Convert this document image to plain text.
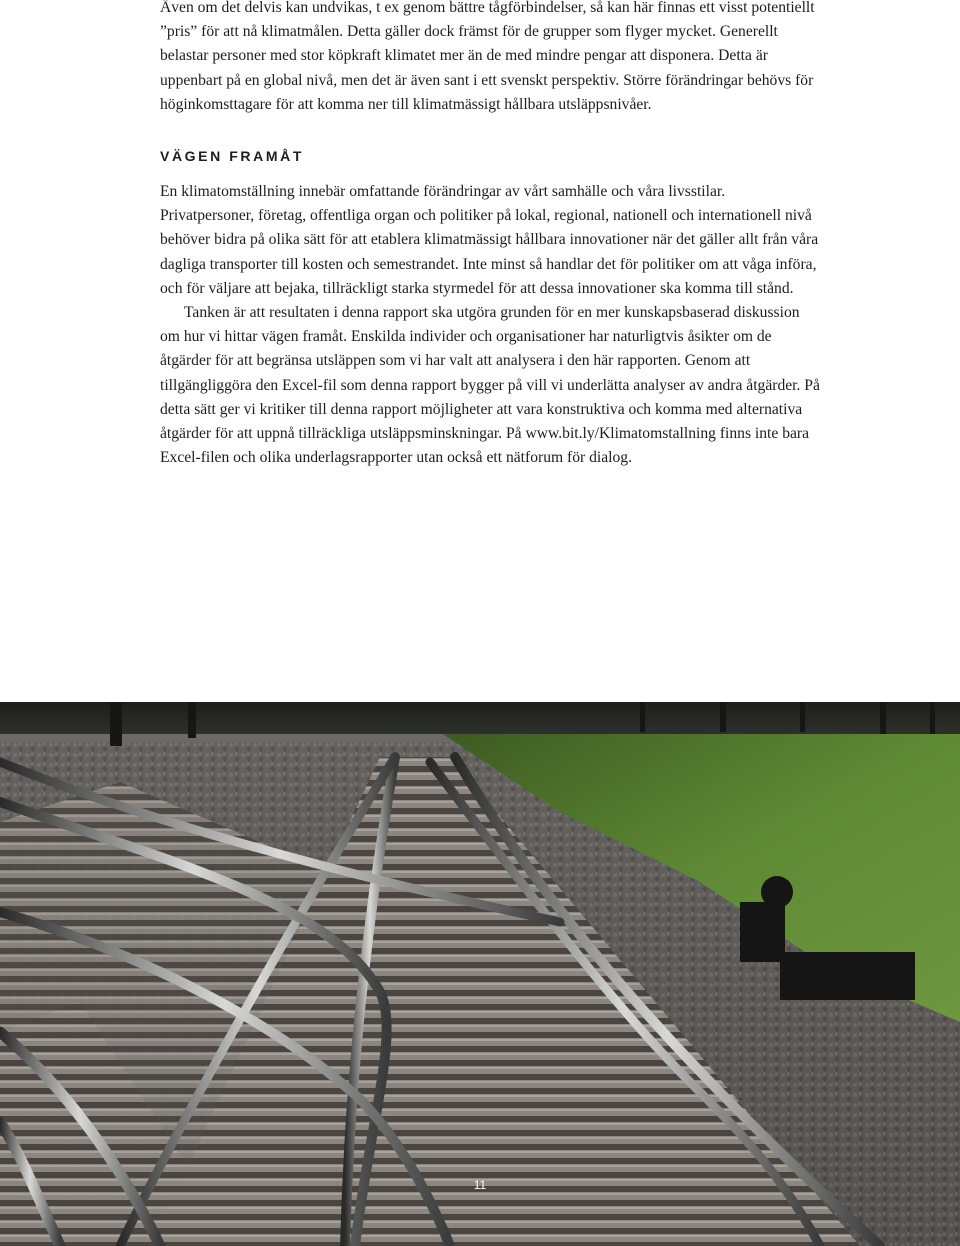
Även om det delvis kan undvikas, t ex genom bättre tågförbindelser, så kan här finnas ett visst potentiellt ”pris” för att nå klimatmålen. Detta gäller dock främst för de grupper som flyger mycket. Generellt belastar personer med stor köpkraft klimatet mer än de med mindre pengar att disponera. Detta är uppenbart på en global nivå, men det är även sant i ett svenskt perspektiv. Större förändringar behövs för höginkomsttagare för att komma ner till klimatmässigt hållbara utsläppsnivåer.

VÄGEN FRAMÅT

En klimatomställning innebär omfattande förändringar av vårt samhälle och våra livsstilar. Privatpersoner, företag, offentliga organ och politiker på lokal, regional, nationell och internationell nivå behöver bidra på olika sätt för att etablera klimatmässigt hållbara innovationer när det gäller allt från våra dagliga transporter till kosten och semestrandet. Inte minst så handlar det för politiker om att våga införa, och för väljare att bejaka, tillräckligt starka styrmedel för att dessa innovationer ska komma till stånd.

Tanken är att resultaten i denna rapport ska utgöra grunden för en mer kunskapsbaserad diskussion om hur vi hittar vägen framåt. Enskilda individer och organisationer har naturligtvis åsikter om de åtgärder för att begränsa utsläppen som vi har valt att analysera i den här rapporten. Genom att tillgängliggöra den Excel-fil som denna rapport bygger på vill vi underlätta analyser av andra åtgärder. På detta sätt ger vi kritiker till denna rapport möjligheter att vara konstruktiva och komma med alternativa åtgärder för att uppnå tillräckliga utsläppsminskningar. På www.bit.ly/Klimatomstallning finns inte bara Excel-filen och olika underlagsrapporter utan också ett nätforum för dialog.

11
